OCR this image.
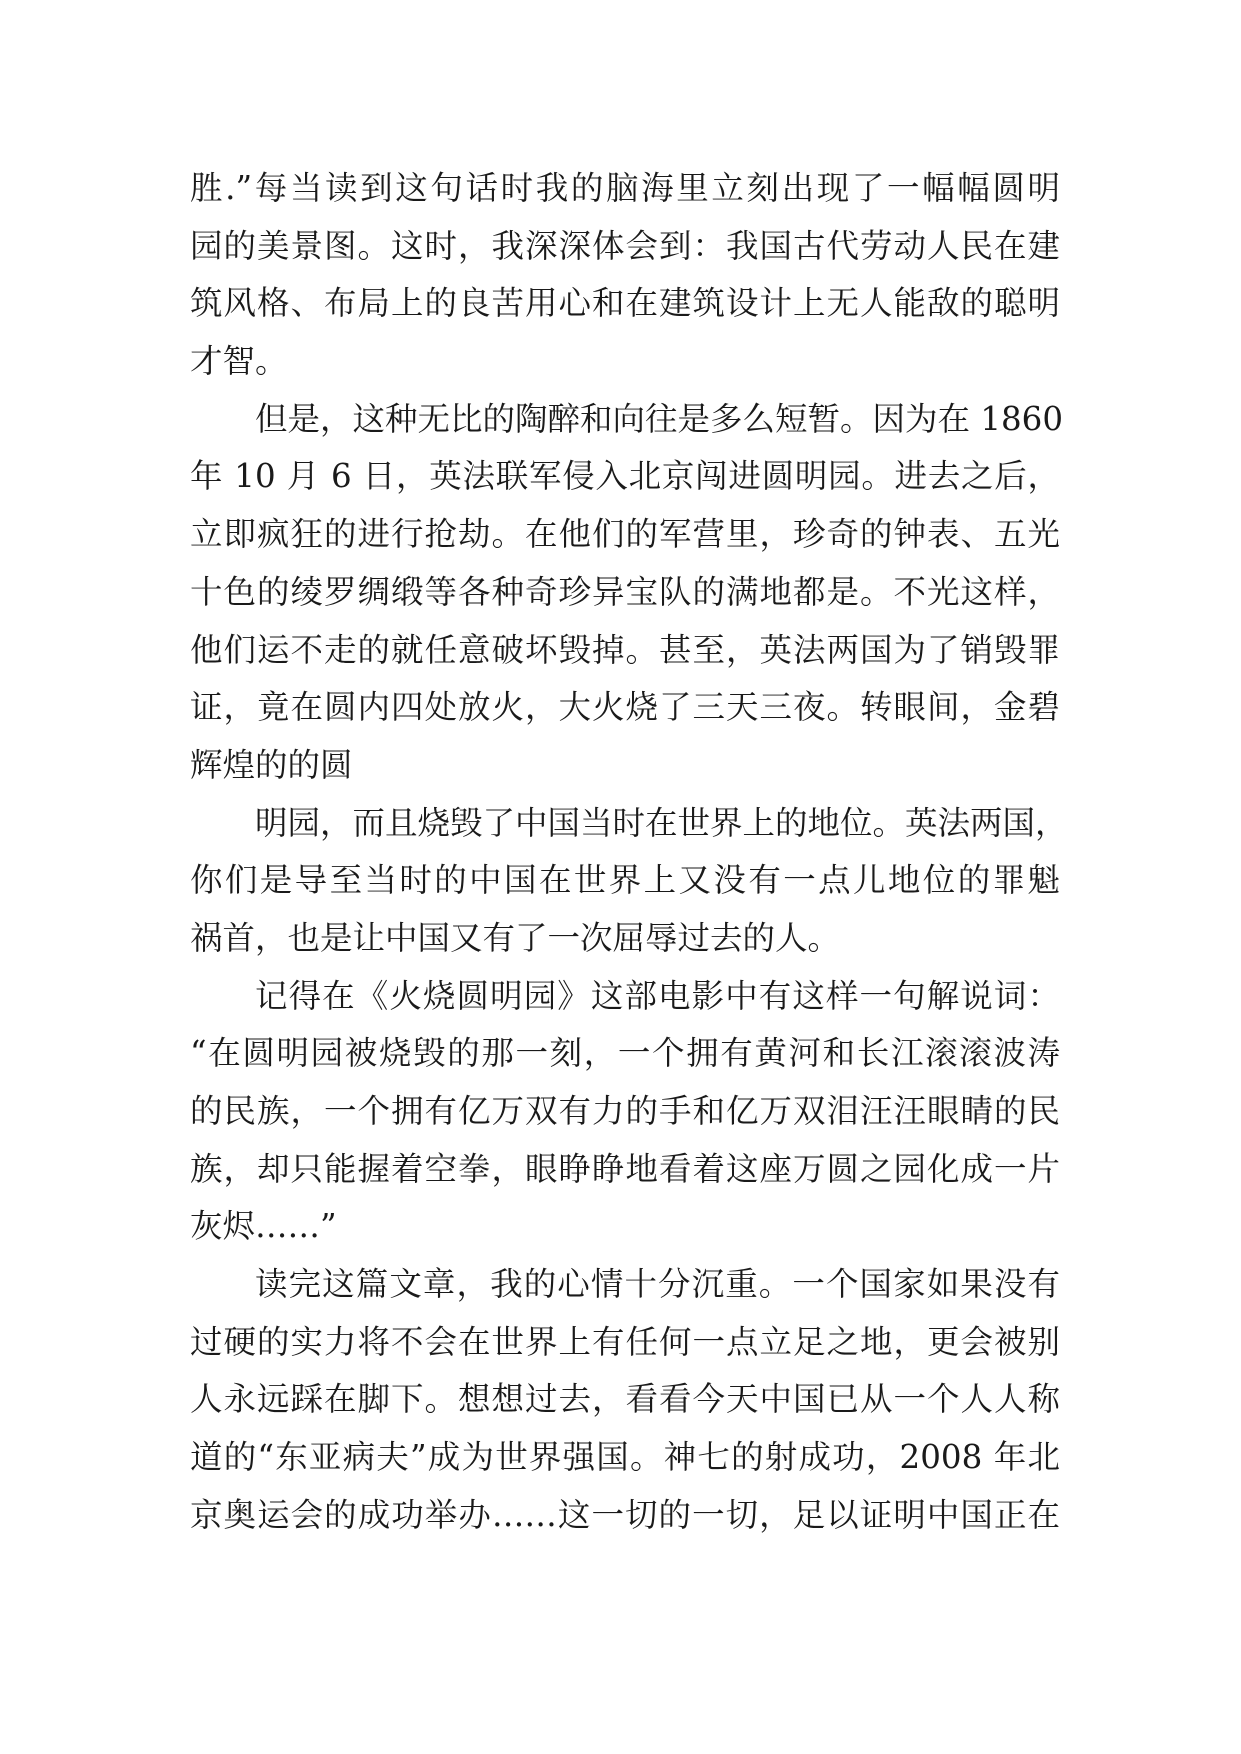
胜.”每当读到这句话时我的脑海里立刻出现了一幅幅圆明
园的美景图。这时，我深深体会到：我国古代劳动人民在建
筑风格、布局上的良苦用心和在建筑设计上无人能敌的聪明
才智。
但是，这种无比的陶醉和向往是多么短暂。因为在 1860
年 10 月 6 日，英法联军侵入北京闯进圆明园。进去之后，
立即疯狂的进行抢劫。在他们的军营里，珍奇的钟表、五光
十色的绫罗绸缎等各种奇珍异宝队的满地都是。不光这样，
他们运不走的就任意破坏毁掉。甚至，英法两国为了销毁罪
证，竟在圆内四处放火，大火烧了三天三夜。转眼间，金碧
辉煌的的圆
明园，而且烧毁了中国当时在世界上的地位。英法两国，
你们是导至当时的中国在世界上又没有一点儿地位的罪魁
祸首，也是让中国又有了一次屈辱过去的人。
记得在《火烧圆明园》这部电影中有这样一句解说词：
“在圆明园被烧毁的那一刻，一个拥有黄河和长江滚滚波涛
的民族，一个拥有亿万双有力的手和亿万双泪汪汪眼睛的民
族，却只能握着空拳，眼睁睁地看着这座万圆之园化成一片
灰烬……”
读完这篇文章，我的心情十分沉重。一个国家如果没有
过硬的实力将不会在世界上有任何一点立足之地，更会被别
人永远踩在脚下。想想过去，看看今天中国已从一个人人称
道的“东亚病夫”成为世界强国。神七的射成功，2008 年北
京奥运会的成功举办……这一切的一切，足以证明中国正在
